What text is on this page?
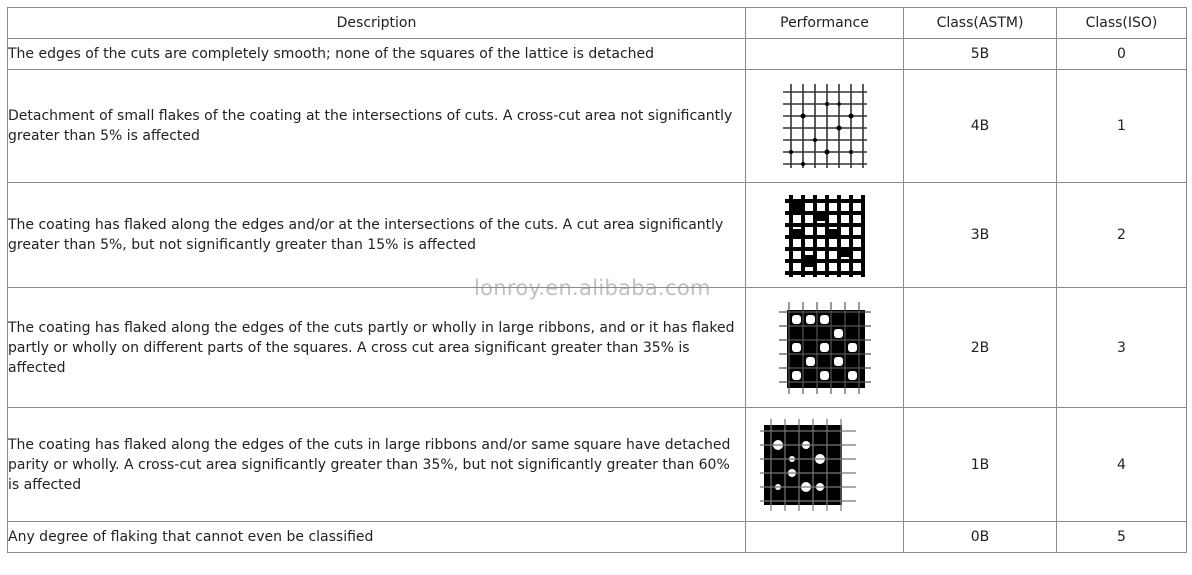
Description	Performance	Class(ASTM)	Class(ISO)
The edges of the cuts are completely smooth; none of the squares of the lattice is detached		5B	0
Detachment of small flakes of the coating at the intersections of cuts. A cross-cut area not significantly greater than 5% is affected		4B	1
The coating has flaked along the edges and/or at the intersections of the cuts. A cut area significantly greater than 5%, but not significantly greater than 15% is affected		3B	2
The coating has flaked along the edges of the cuts partly or wholly in large ribbons, and or it has flaked partly or wholly on different parts of the squares. A cross cut area significant greater than 35% is affected		2B	3
The coating has flaked along the edges of the cuts in large ribbons and/or same square have detached parity or wholly. A cross-cut area significantly greater than 35%, but not significantly greater than 60% is affected		1B	4
Any degree of flaking that cannot even be classified		0B	5
lonroy.en.alibaba.com
